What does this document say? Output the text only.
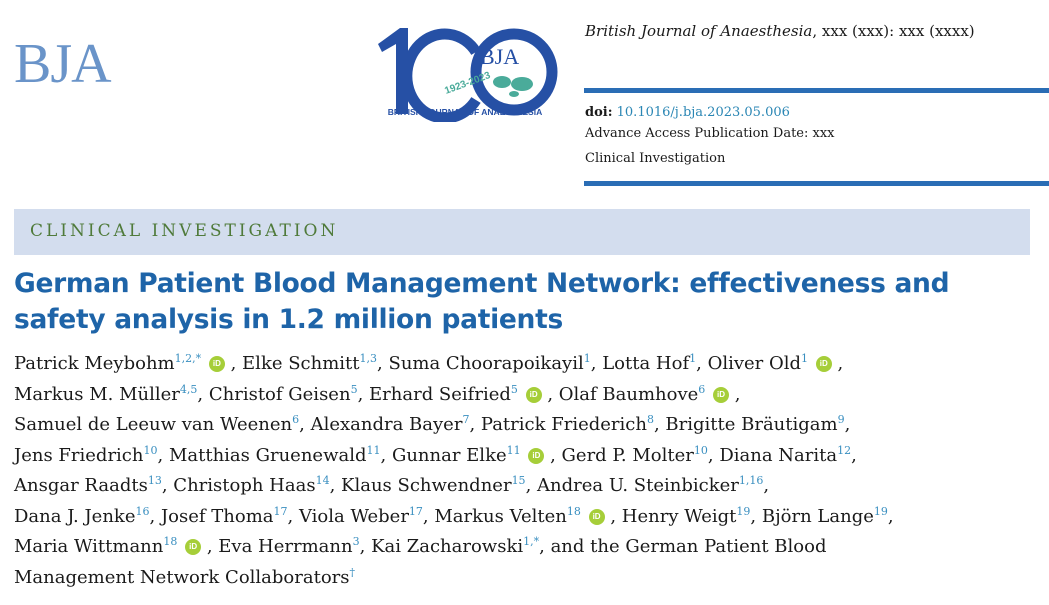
BJA	1923-2023
BJA
BRITISH JOURNAL OF ANAESTHESIA
British Journal of Anaesthesia, xxx (xxx): xxx (xxxx)
doi: 10.1016/j.bja.2023.05.006
Advance Access Publication Date: xxx
Clinical Investigation
CLINICAL INVESTIGATION
German Patient Blood Management Network: effectiveness and
safety analysis in 1.2 million patients
Patrick Meybohm$^{1,2,*}$ iD , Elke Schmitt$^{1,3}$, Suma Choorapoikayil$^1$, Lotta Hof$^1$, Oliver Old$^1$ iD ,
Markus M. Müller$^{4,5}$, Christof Geisen$^5$, Erhard Seifried$^5$ iD , Olaf Baumhove$^6$ iD ,
Samuel de Leeuw van Weenen$^6$, Alexandra Bayer$^7$, Patrick Friederich$^8$, Brigitte Bräutigam$^9$,
Jens Friedrich$^{10}$, Matthias Gruenewald$^{11}$, Gunnar Elke$^{11}$ iD , Gerd P. Molter$^{10}$, Diana Narita$^{12}$,
Ansgar Raadts$^{13}$, Christoph Haas$^{14}$, Klaus Schwendner$^{15}$, Andrea U. Steinbicker$^{1,16}$,
Dana J. Jenke$^{16}$, Josef Thoma$^{17}$, Viola Weber$^{17}$, Markus Velten$^{18}$ iD , Henry Weigt$^{19}$, Björn Lange$^{19}$,
Maria Wittmann$^{18}$ iD , Eva Herrmann$^3$, Kai Zacharowski$^{1,*}$, and the German Patient Blood
Management Network Collaborators†
